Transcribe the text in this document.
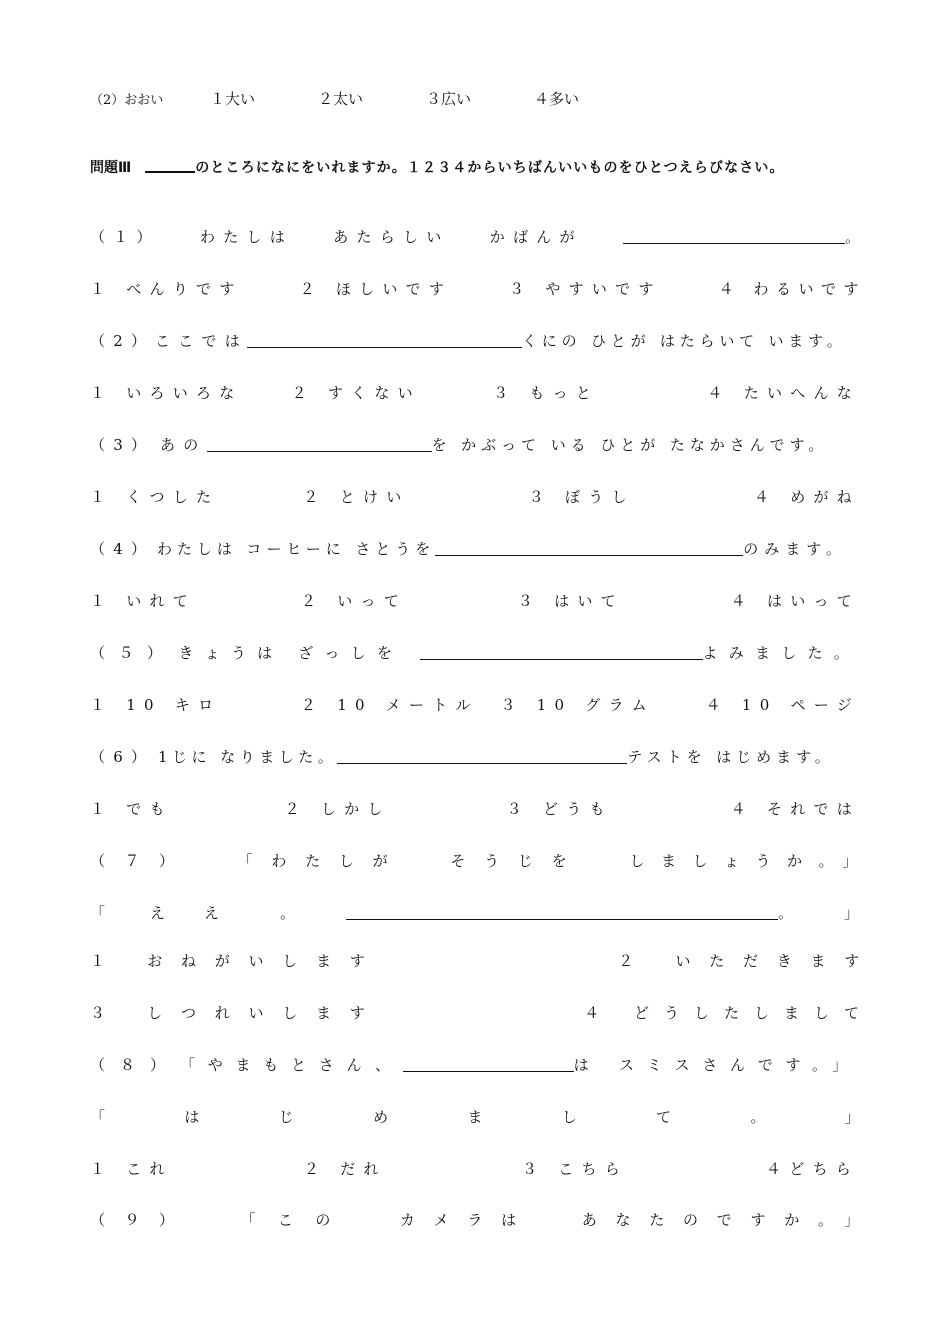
（2）おおい	１大い	２太い	３広い	４多い
問題Ⅲ	のところになにをいれますか。１２３４からいちばんいいものをひとつえらびなさい。
（１）	わたしは	あたらしい	かばんが	。
１ べんりです	２ ほしいです	３ やすいです	４ わるいです
（2） ここでは	くにの ひとが はたらいて います。
１ いろいろな	２ すくない	３ もっと	４ たいへんな
（3） あの	を かぶって いる ひとが たなかさんです。
１ くつした	２ とけい	３ ぼうし	４ めがね
（4） わたしは コーヒーに さとうを	のみます。
１ いれて	２ いって	３ はいて	４ はいって
（５） きょうは ざっしを	よみました。
１ 10 キロ	２ 10 メートル	３ 10 グラム	４ 10 ページ
（6） 1じに なりました。	テストを はじめます。
１ でも	２ しかし	３ どうも	４ それでは
（７）	「わたしが	そうじを	しましょうか。」
「	ええ	。	。	」
１ おねがいします	２ いただきます
３ しつれいします	４ どうしたしまして
（８） 「やまもとさん、	は スミスさんです。」
「	は	じ	め	ま	し	て	。	」
１ これ	２ だれ	３ こちら	４どちら
（９）	「この	カメラは	あなたのですか。」
